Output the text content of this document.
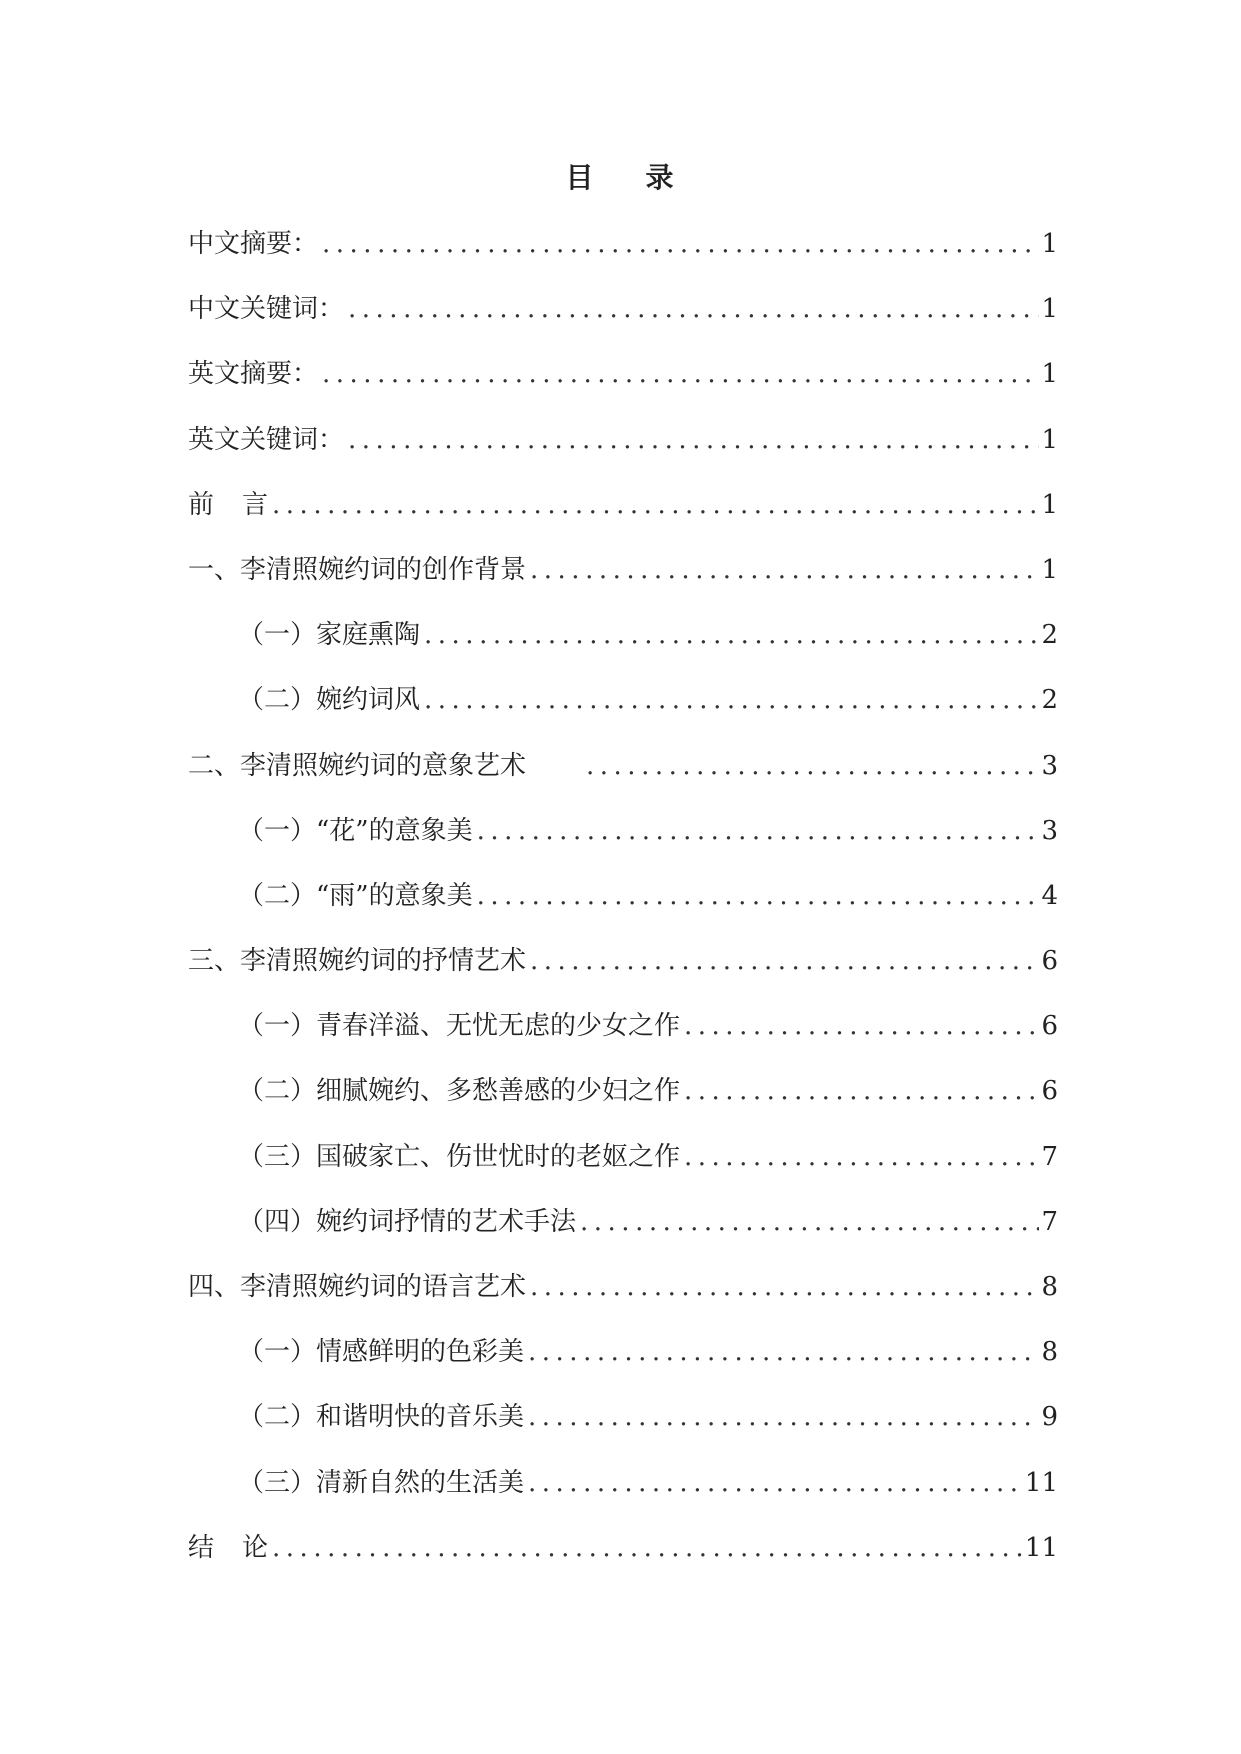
目 录
中文摘要： .....	1
中文关键词： .....	1
英文摘要： .....	1
英文关键词： .....	1
前 言 .....	1
一、李清照婉约词的创作背景 .....	1
（一）家庭熏陶 .....	2
（二）婉约词风 .....	2
二、李清照婉约词的意象艺术 .....	3
（一）“花”的意象美 .....	3
（二）“雨”的意象美 .....	4
三、李清照婉约词的抒情艺术 .....	6
（一）青春洋溢、无忧无虑的少女之作 .....	6
（二）细腻婉约、多愁善感的少妇之作 .....	6
（三）国破家亡、伤世忧时的老妪之作 .....	7
（四）婉约词抒情的艺术手法 .....	7
四、李清照婉约词的语言艺术 .....	8
（一）情感鲜明的色彩美 .....	8
（二）和谐明快的音乐美 .....	9
（三）清新自然的生活美 .....	11
结 论 .....	11
